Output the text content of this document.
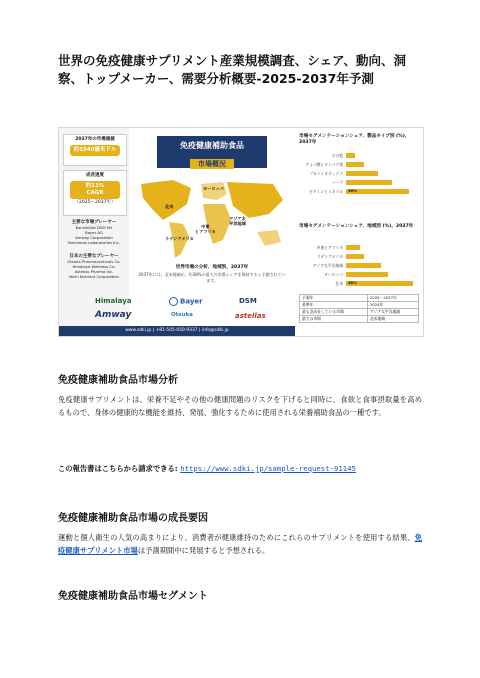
世界の免疫健康サプリメント産業規模調査、シェア、動向、洞察、トップメーカー、需要分析概要-2025-2037年予測
2037年の市場価値
約1540億米ドル
成長速度
約11%
CAGR
（2025－2037年）
主要な市場プレーヤー
Koninklijke DSM NV
Bayer AG
Amway Corporation
Nutramax Laboratories Inc.
日本の主要なプレーヤー
Otsuka Pharmaceuticals Co.
Himalaya Wellness Co.
Astellas Pharma Inc.
Nichi Nutrient Corporation
免疫健康補助食品
市場概況
北米
ヨーロッパ
中東
とアフリカ
アジア太
平洋地域
ラテンアメリカ
世界市場の分析、地域別、2037年
2037年には、北米地域が、約38%の最大の市場シェアを保持すると予測されています。
Himalaya	Bayer	DSM
Amway	Otsuka	astellas
www.sdki.jp | +81-505-050-9337 | info@sdki.jp
市場セグメンテーションシェア、製品タイプ別 (%)、2037年
その他
アミノ酸とタンパク質
プロバイオティクス
ハーブ
ビタミンとミネラル 36%
市場セグメンテーションシェア、地域別 (%)、2037年
中東とアフリカ
ラテンアメリカ
アジア太平洋地域
ヨーロッパ
北米 38%
予測年	2025－2037年
基準年	2024年
最も急成長している市場	アジア太平洋地域
最大の市場	北米地域
免疫健康補助食品市場分析
免疫健康サプリメントは、栄養不足やその他の健康問題のリスクを下げると同時に、食欲と食事摂取量を高めるもので、身体の健康的な機能を維持、発展、強化するために使用される栄養補助食品の一種です。
この報告書はこちらから請求できる: https://www.sdki.jp/sample-request-91145
免疫健康補助食品市場の成長要因
運動と個人衛生の人気の高まりにより、消費者が健康維持のためにこれらのサプリメントを使用する結果、免疫健康サプリメント市場は予測期間中に発展すると予想される。
免疫健康補助食品市場セグメント
